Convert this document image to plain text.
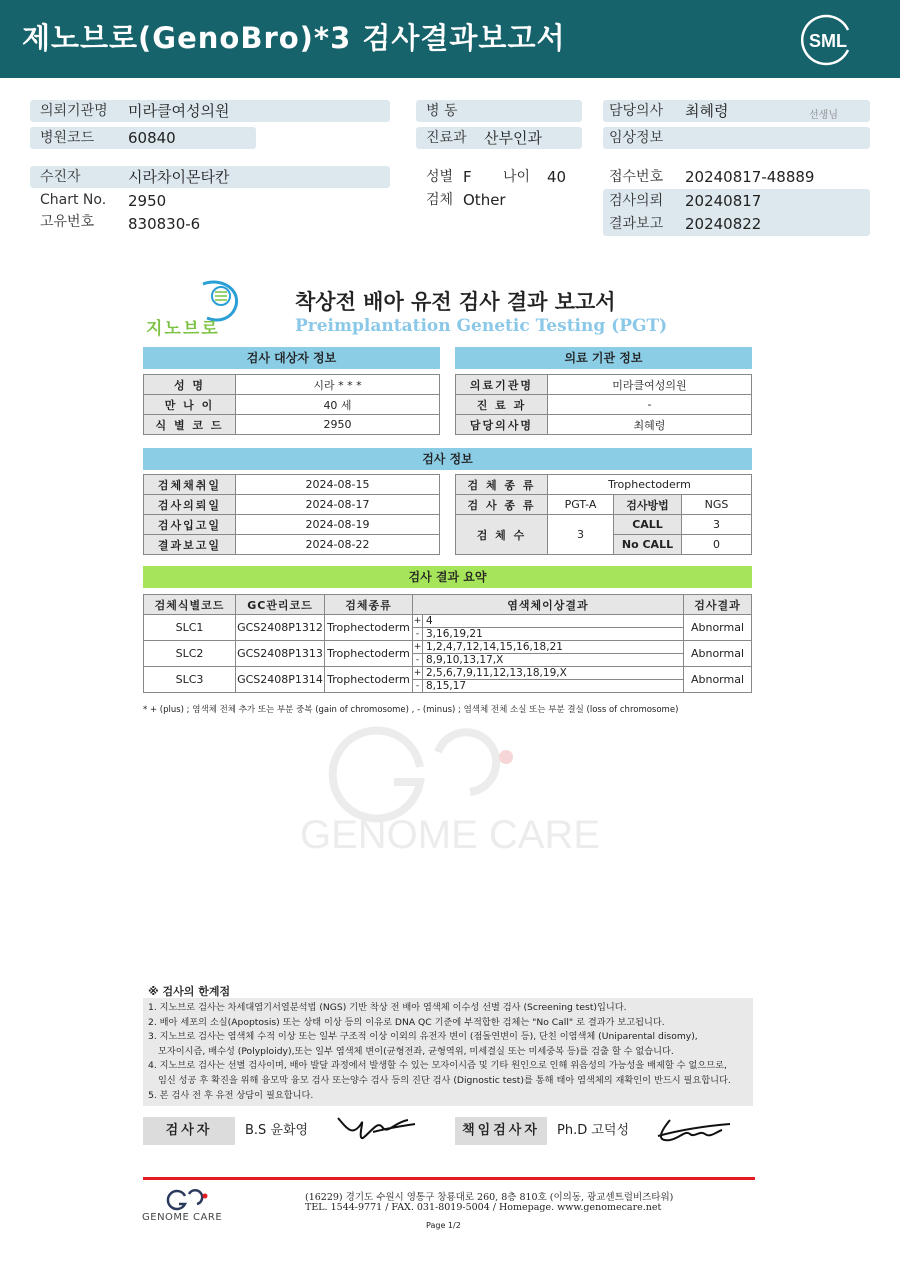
제노브로(GenoBro)*3 검사결과보고서	SML
의뢰기관명 미라클여성의원
병원코드 60840
수진자	시라차이몬타칸
Chart No. 2950
고유번호 830830-6
병 동
진료과 산부인과
성별 F 나이 40
검체 Other
담당의사 최혜령	선생님
임상정보
접수번호 20240817-48889
검사의뢰 20240817
결과보고 20240822
지노브로
착상전 배아 유전 검사 결과 보고서
Preimplantation Genetic Testing (PGT)
검사 대상자 정보
성 명	시라 * * *
만 나 이	40 세
식 별 코 드	2950
의료 기관 정보
의료기관명	미라클여성의원
진 료 과	-
담당의사명	최혜령
검사 정보
검체채취일	2024-08-15
검사의뢰일	2024-08-17
검사입고일	2024-08-19
결과보고일	2024-08-22
검 체 종 류	Trophectoderm		
검 사 종 류	PGT-A	검사방법	NGS
검 체 수	3	CALL	3
		No CALL	0
검사 결과 요약
검체식별코드	GC관리코드	검체종류	염색체이상결과		검사결과
SLC1	GCS2408P1312	Trophectoderm	+	4	Abnormal
			-	3,16,19,21	
SLC2	GCS2408P1313	Trophectoderm	+	1,2,4,7,12,14,15,16,18,21	Abnormal
			-	8,9,10,13,17,X	
SLC3	GCS2408P1314	Trophectoderm	+	2,5,6,7,9,11,12,13,18,19,X	Abnormal
			-	8,15,17	
* + (plus) ; 염색체 전체 추가 또는 부분 중복 (gain of chromosome) , - (minus) ; 염색체 전체 소실 또는 부분 결실 (loss of chromosome)
GENOME CARE
※ 검사의 한계점
1. 지노브로 검사는 차세대염기서열분석법 (NGS) 기반 착상 전 배아 염색체 이수성 선별 검사 (Screening test)입니다.
2. 배아 세포의 소실(Apoptosis) 또는 상태 이상 등의 이유로 DNA QC 기준에 부적합한 검체는 "No Call" 로 결과가 보고됩니다.
3. 지노브로 검사는 염색체 수적 이상 또는 일부 구조적 이상 이외의 유전자 변이 (점돌연변이 등), 단친 이염색체 (Uniparental disomy),
모자이시즘, 배수성 (Polyploidy),또는 일부 염색체 변이(균형전좌, 균형역위, 미세결실 또는 미세중복 등)를 검출 할 수 없습니다.
4. 지노브로 검사는 선별 검사이며, 배아 발달 과정에서 발생할 수 있는 모자이시즘 및 기타 원인으로 인해 위음성의 가능성을 배제할 수 없으므로,
임신 성공 후 확진을 위해 융모막 융모 검사 또는양수 검사 등의 진단 검사 (Dignostic test)를 통해 태아 염색체의 재확인이 반드시 필요합니다.
5. 본 검사 전 후 유전 상담이 필요합니다.
검사자	B.S 윤화영	책임검사자	Ph.D 고덕성
GENOME CARE
(16229) 경기도 수원시 영통구 창룡대로 260, 8층 810호 (이의동, 광교센트럴비즈타워)
TEL. 1544-9771 / FAX. 031-8019-5004 / Homepage. www.genomecare.net
Page 1/2
